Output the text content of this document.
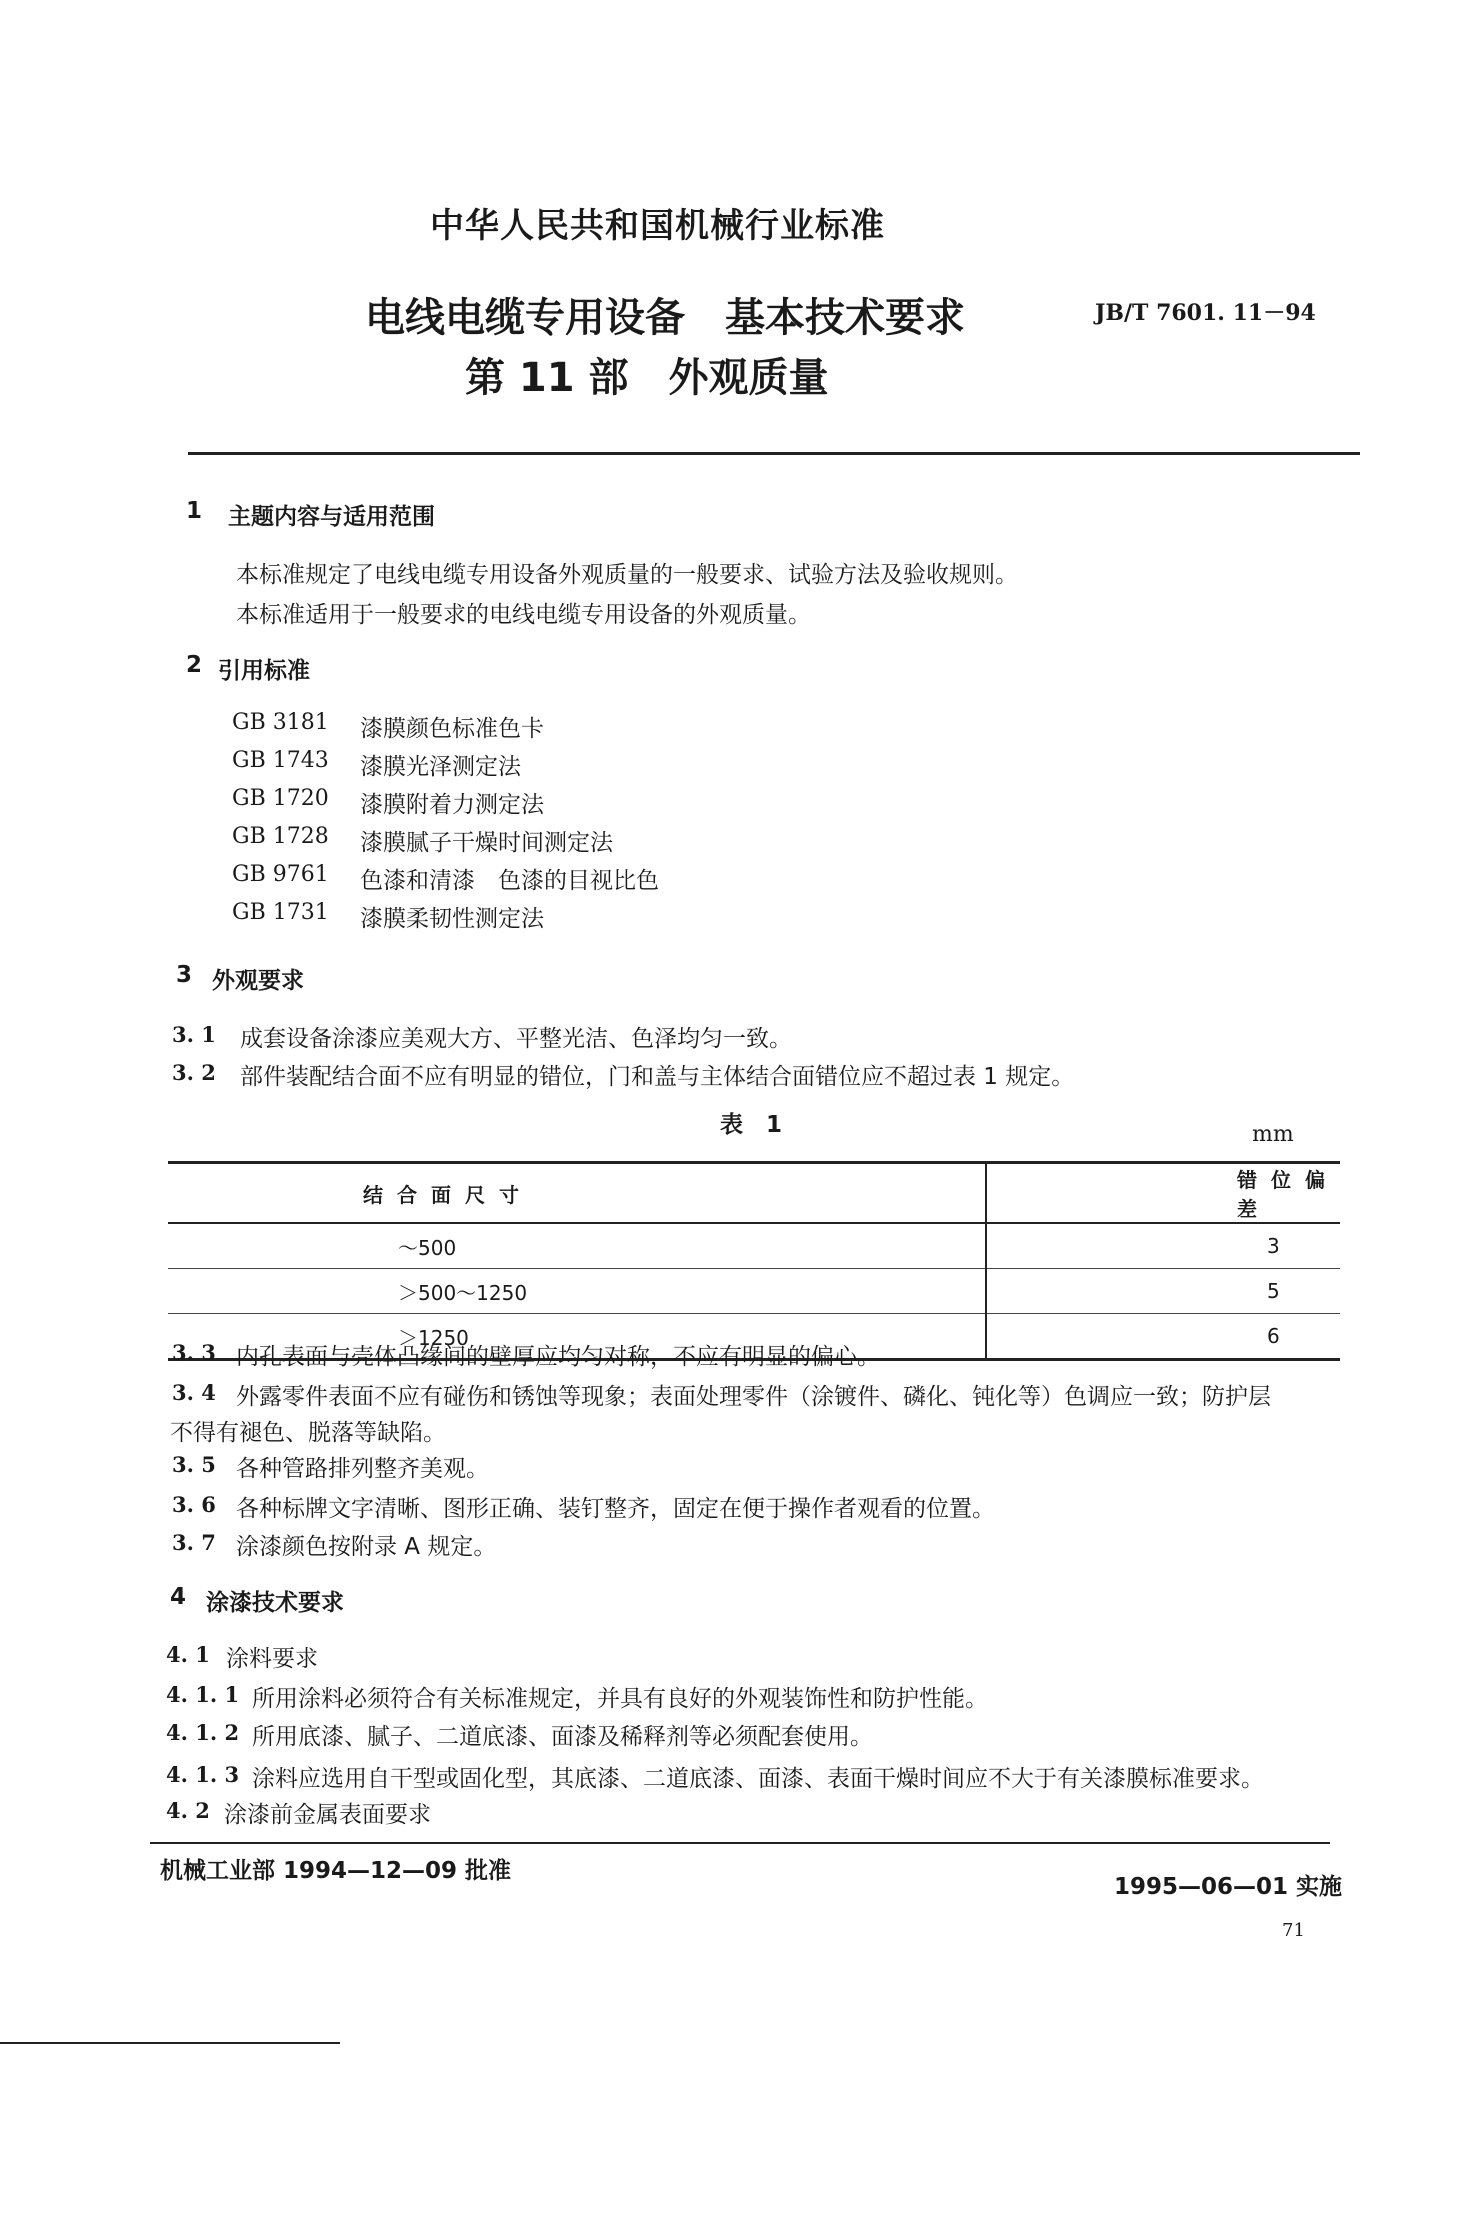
中华人民共和国机械行业标准
电线电缆专用设备　基本技术要求
第 11 部　外观质量
JB/T 7601. 11－94
1 主题内容与适用范围
本标准规定了电线电缆专用设备外观质量的一般要求、试验方法及验收规则。
本标准适用于一般要求的电线电缆专用设备的外观质量。
2 引用标准
GB 3181 漆膜颜色标准色卡
GB 1743 漆膜光泽测定法
GB 1720 漆膜附着力测定法
GB 1728 漆膜腻子干燥时间测定法
GB 9761 色漆和清漆　色漆的目视比色
GB 1731 漆膜柔韧性测定法
3 外观要求
3. 1 成套设备涂漆应美观大方、平整光洁、色泽均匀一致。
3. 2 部件装配结合面不应有明显的错位，门和盖与主体结合面错位应不超过表 1 规定。
表　1	mm
结合面尺寸	错位偏差
～500	3
＞500～1250	5
＞1250	6
3. 3 内孔表面与壳体凸缘间的壁厚应均匀对称，不应有明显的偏心。
3. 4 外露零件表面不应有碰伤和锈蚀等现象；表面处理零件（涂镀件、磷化、钝化等）色调应一致；防护层
不得有褪色、脱落等缺陷。
3. 5 各种管路排列整齐美观。
3. 6 各种标牌文字清晰、图形正确、装钉整齐，固定在便于操作者观看的位置。
3. 7 涂漆颜色按附录 A 规定。
4 涂漆技术要求
4. 1 涂料要求
4. 1. 1 所用涂料必须符合有关标准规定，并具有良好的外观装饰性和防护性能。
4. 1. 2 所用底漆、腻子、二道底漆、面漆及稀释剂等必须配套使用。
4. 1. 3 涂料应选用自干型或固化型，其底漆、二道底漆、面漆、表面干燥时间应不大于有关漆膜标准要求。
4. 2 涂漆前金属表面要求
机械工业部 1994—12—09 批准
1995—06—01 实施
71
